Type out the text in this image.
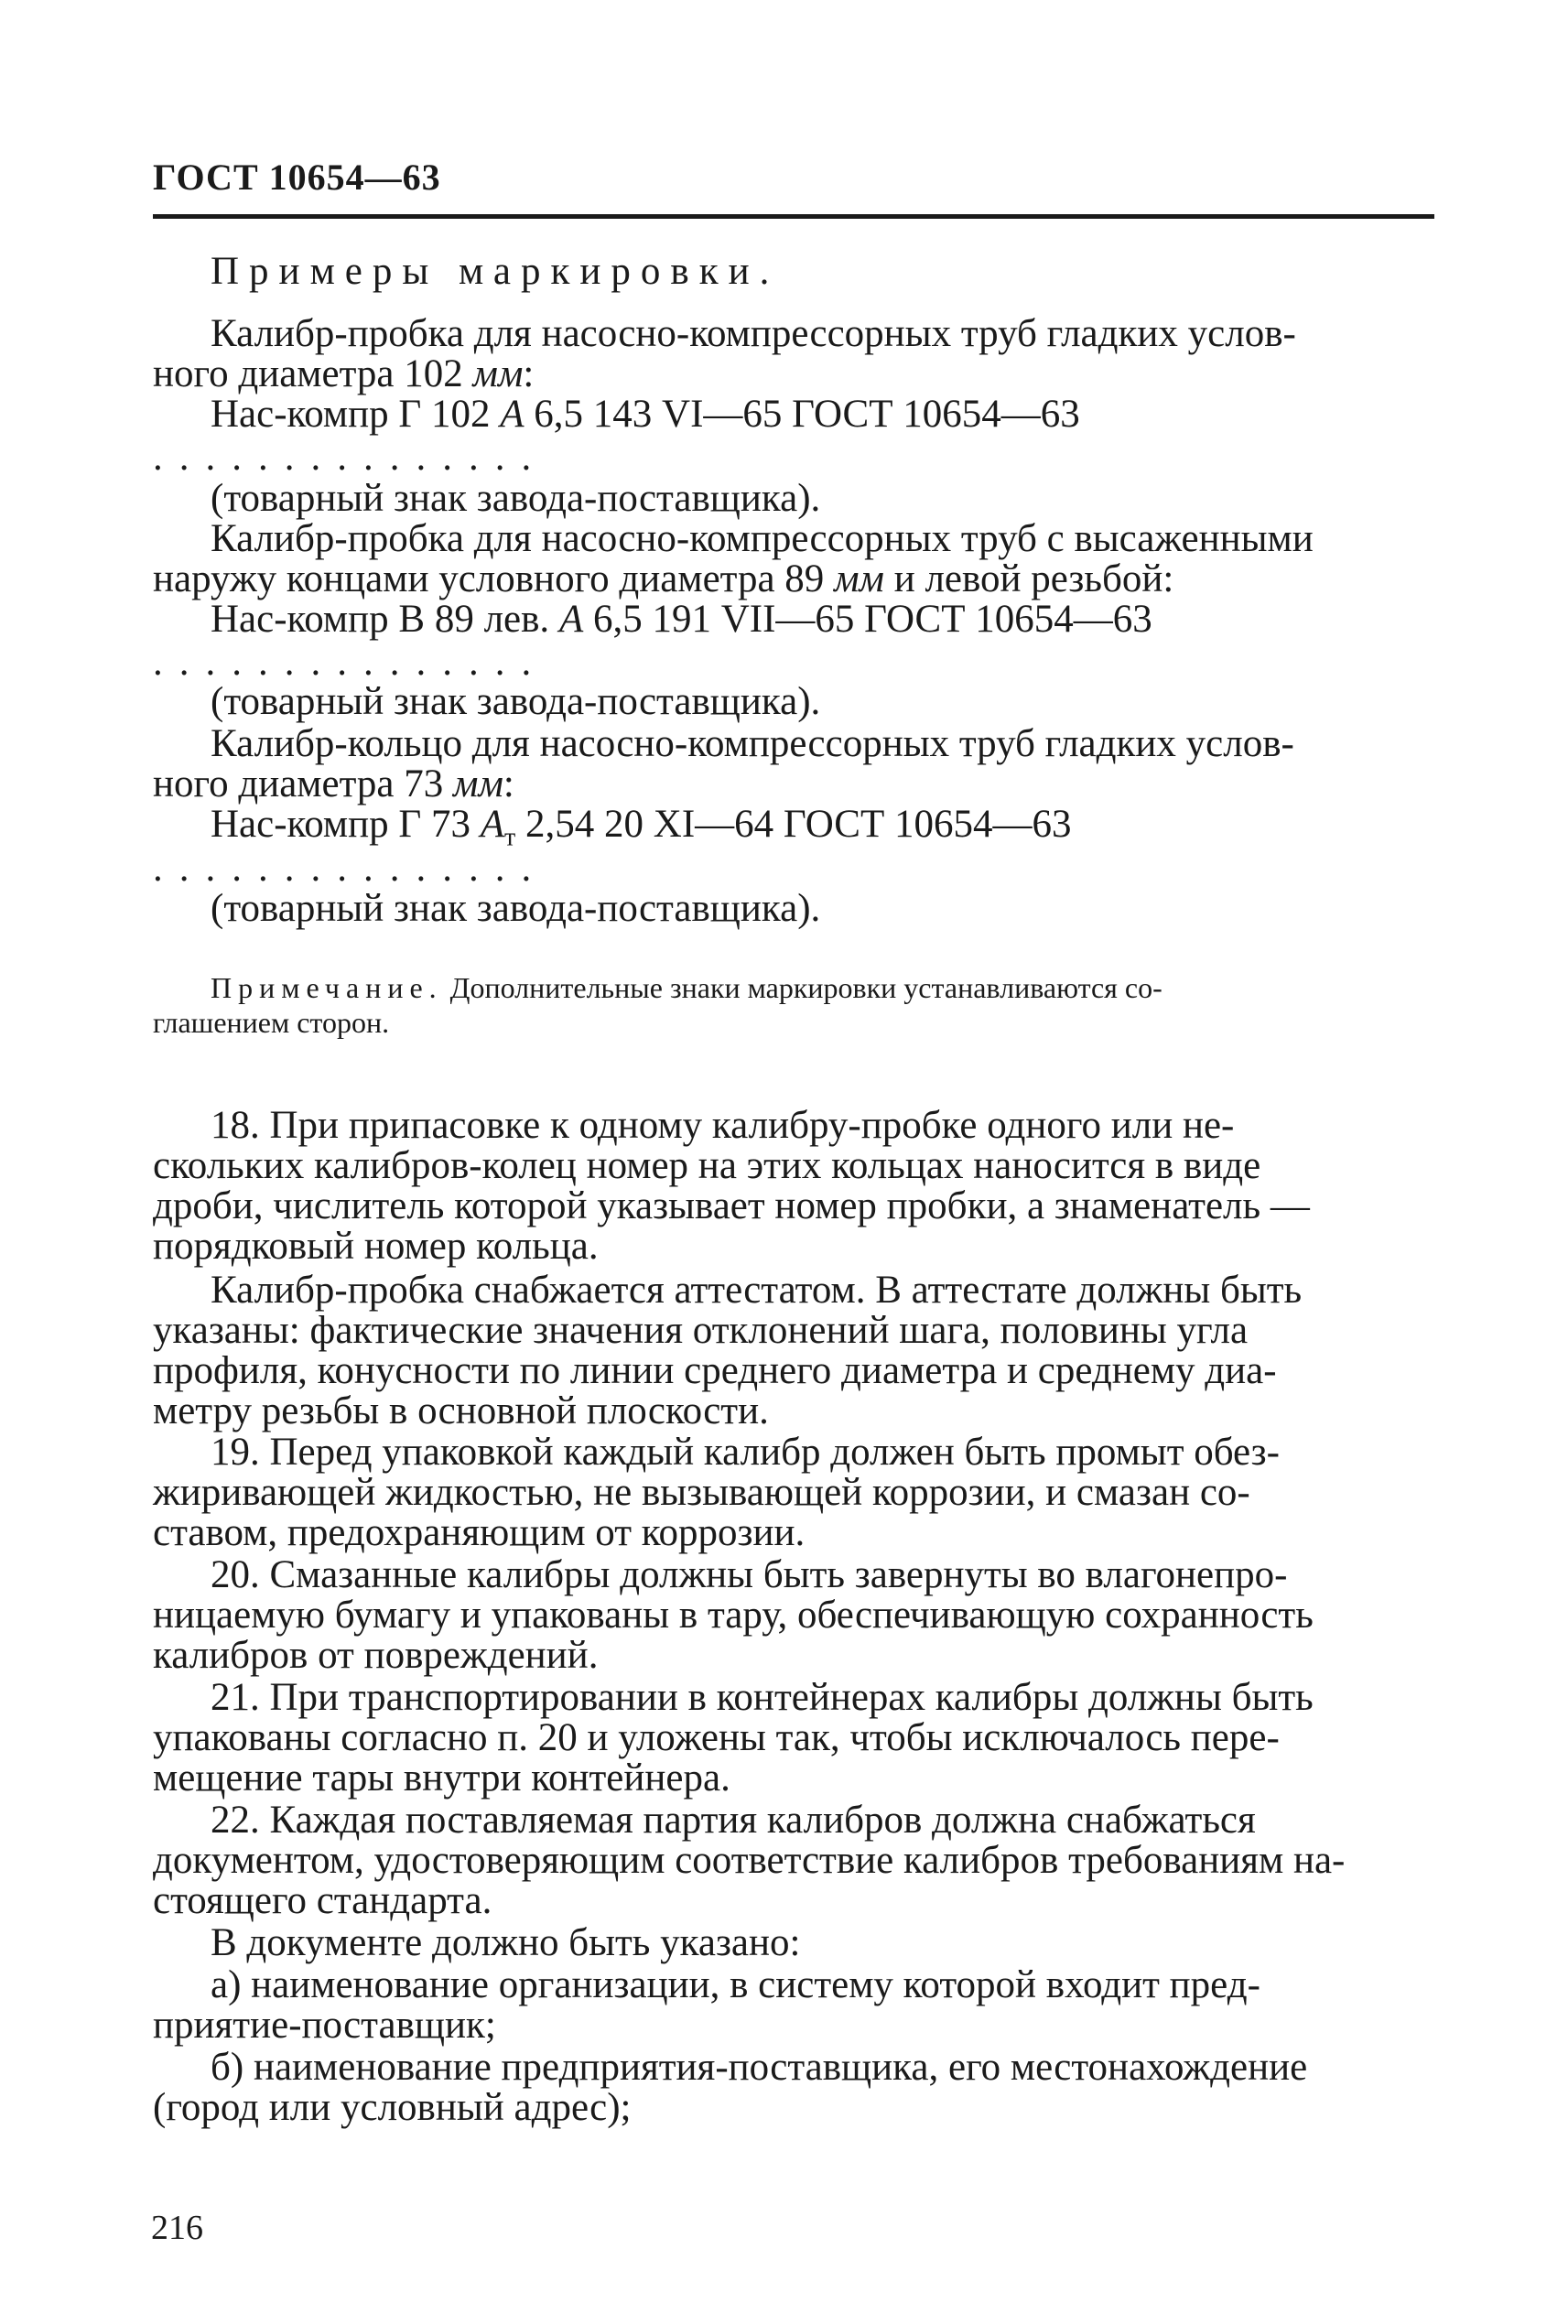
ГОСТ 10654—63
Примеры маркировки.
Калибр-пробка для насосно-компрессорных труб гладких услов-
ного диаметра 102 мм:
Нас-компр Г 102 А 6,5 143 VI—65 ГОСТ 10654—63
...............
(товарный знак завода-поставщика).
Калибр-пробка для насосно-компрессорных труб с высаженными
наружу концами условного диаметра 89 мм и левой резьбой:
Нас-компр В 89 лев. А 6,5 191 VII—65 ГОСТ 10654—63
...............
(товарный знак завода-поставщика).
Калибр-кольцо для насосно-компрессорных труб гладких услов-
ного диаметра 73 мм:
Нас-компр Г 73 $А_т$ 2,54 20 XI—64 ГОСТ 10654—63
...............
(товарный знак завода-поставщика).
Примечание. Дополнительные знаки маркировки устанавливаются со-
глашением сторон.
18. При припасовке к одному калибру-пробке одного или не-
скольких калибров-колец номер на этих кольцах наносится в виде
дроби, числитель которой указывает номер пробки, а знаменатель —
порядковый номер кольца.
Калибр-пробка снабжается аттестатом. В аттестате должны быть
указаны: фактические значения отклонений шага, половины угла
профиля, конусности по линии среднего диаметра и среднему диа-
метру резьбы в основной плоскости.
19. Перед упаковкой каждый калибр должен быть промыт обез-
жиривающей жидкостью, не вызывающей коррозии, и смазан со-
ставом, предохраняющим от коррозии.
20. Смазанные калибры должны быть завернуты во влагонепро-
ницаемую бумагу и упакованы в тару, обеспечивающую сохранность
калибров от повреждений.
21. При транспортировании в контейнерах калибры должны быть
упакованы согласно п. 20 и уложены так, чтобы исключалось пере-
мещение тары внутри контейнера.
22. Каждая поставляемая партия калибров должна снабжаться
документом, удостоверяющим соответствие калибров требованиям на-
стоящего стандарта.
В документе должно быть указано:
а) наименование организации, в систему которой входит пред-
приятие-поставщик;
б) наименование предприятия-поставщика, его местонахождение
(город или условный адрес);
216
